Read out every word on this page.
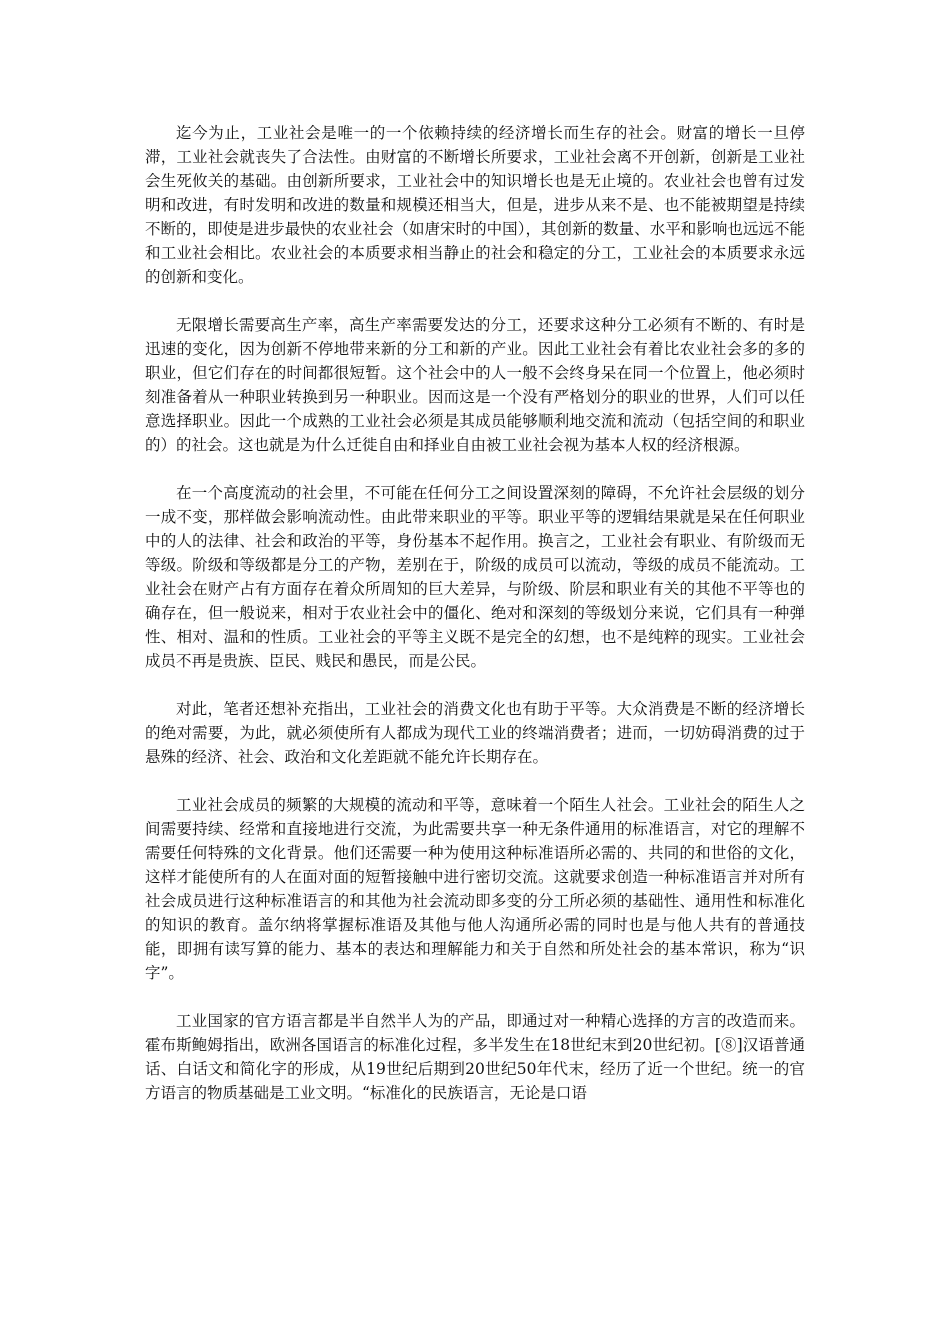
迄今为止，工业社会是唯一的一个依赖持续的经济增长而生存的社会。财富的增长一旦停滞，工业社会就丧失了合法性。由财富的不断增长所要求，工业社会离不开创新，创新是工业社会生死攸关的基础。由创新所要求，工业社会中的知识增长也是无止境的。农业社会也曾有过发明和改进，有时发明和改进的数量和规模还相当大，但是，进步从来不是、也不能被期望是持续不断的，即使是进步最快的农业社会（如唐宋时的中国），其创新的数量、水平和影响也远远不能和工业社会相比。农业社会的本质要求相当静止的社会和稳定的分工，工业社会的本质要求永远的创新和变化。

无限增长需要高生产率，高生产率需要发达的分工，还要求这种分工必须有不断的、有时是迅速的变化，因为创新不停地带来新的分工和新的产业。因此工业社会有着比农业社会多的多的职业，但它们存在的时间都很短暂。这个社会中的人一般不会终身呆在同一个位置上，他必须时刻准备着从一种职业转换到另一种职业。因而这是一个没有严格划分的职业的世界，人们可以任意选择职业。因此一个成熟的工业社会必须是其成员能够顺利地交流和流动（包括空间的和职业的）的社会。这也就是为什么迁徙自由和择业自由被工业社会视为基本人权的经济根源。

在一个高度流动的社会里，不可能在任何分工之间设置深刻的障碍，不允许社会层级的划分一成不变，那样做会影响流动性。由此带来职业的平等。职业平等的逻辑结果就是呆在任何职业中的人的法律、社会和政治的平等，身份基本不起作用。换言之，工业社会有职业、有阶级而无等级。阶级和等级都是分工的产物，差别在于，阶级的成员可以流动，等级的成员不能流动。工业社会在财产占有方面存在着众所周知的巨大差异，与阶级、阶层和职业有关的其他不平等也的确存在，但一般说来，相对于农业社会中的僵化、绝对和深刻的等级划分来说，它们具有一种弹性、相对、温和的性质。工业社会的平等主义既不是完全的幻想，也不是纯粹的现实。工业社会成员不再是贵族、臣民、贱民和愚民，而是公民。

对此，笔者还想补充指出，工业社会的消费文化也有助于平等。大众消费是不断的经济增长的绝对需要，为此，就必须使所有人都成为现代工业的终端消费者；进而，一切妨碍消费的过于悬殊的经济、社会、政治和文化差距就不能允许长期存在。

工业社会成员的频繁的大规模的流动和平等，意味着一个陌生人社会。工业社会的陌生人之间需要持续、经常和直接地进行交流，为此需要共享一种无条件通用的标准语言，对它的理解不需要任何特殊的文化背景。他们还需要一种为使用这种标准语所必需的、共同的和世俗的文化，这样才能使所有的人在面对面的短暂接触中进行密切交流。这就要求创造一种标准语言并对所有社会成员进行这种标准语言的和其他为社会流动即多变的分工所必须的基础性、通用性和标准化的知识的教育。盖尔纳将掌握标准语及其他与他人沟通所必需的同时也是与他人共有的普通技能，即拥有读写算的能力、基本的表达和理解能力和关于自然和所处社会的基本常识，称为“识字”。

工业国家的官方语言都是半自然半人为的产品，即通过对一种精心选择的方言的改造而来。霍布斯鲍姆指出，欧洲各国语言的标准化过程，多半发生在18世纪末到20世纪初。[⑧]汉语普通话、白话文和简化字的形成，从19世纪后期到20世纪50年代末，经历了近一个世纪。统一的官方语言的物质基础是工业文明。“标准化的民族语言，无论是口语
